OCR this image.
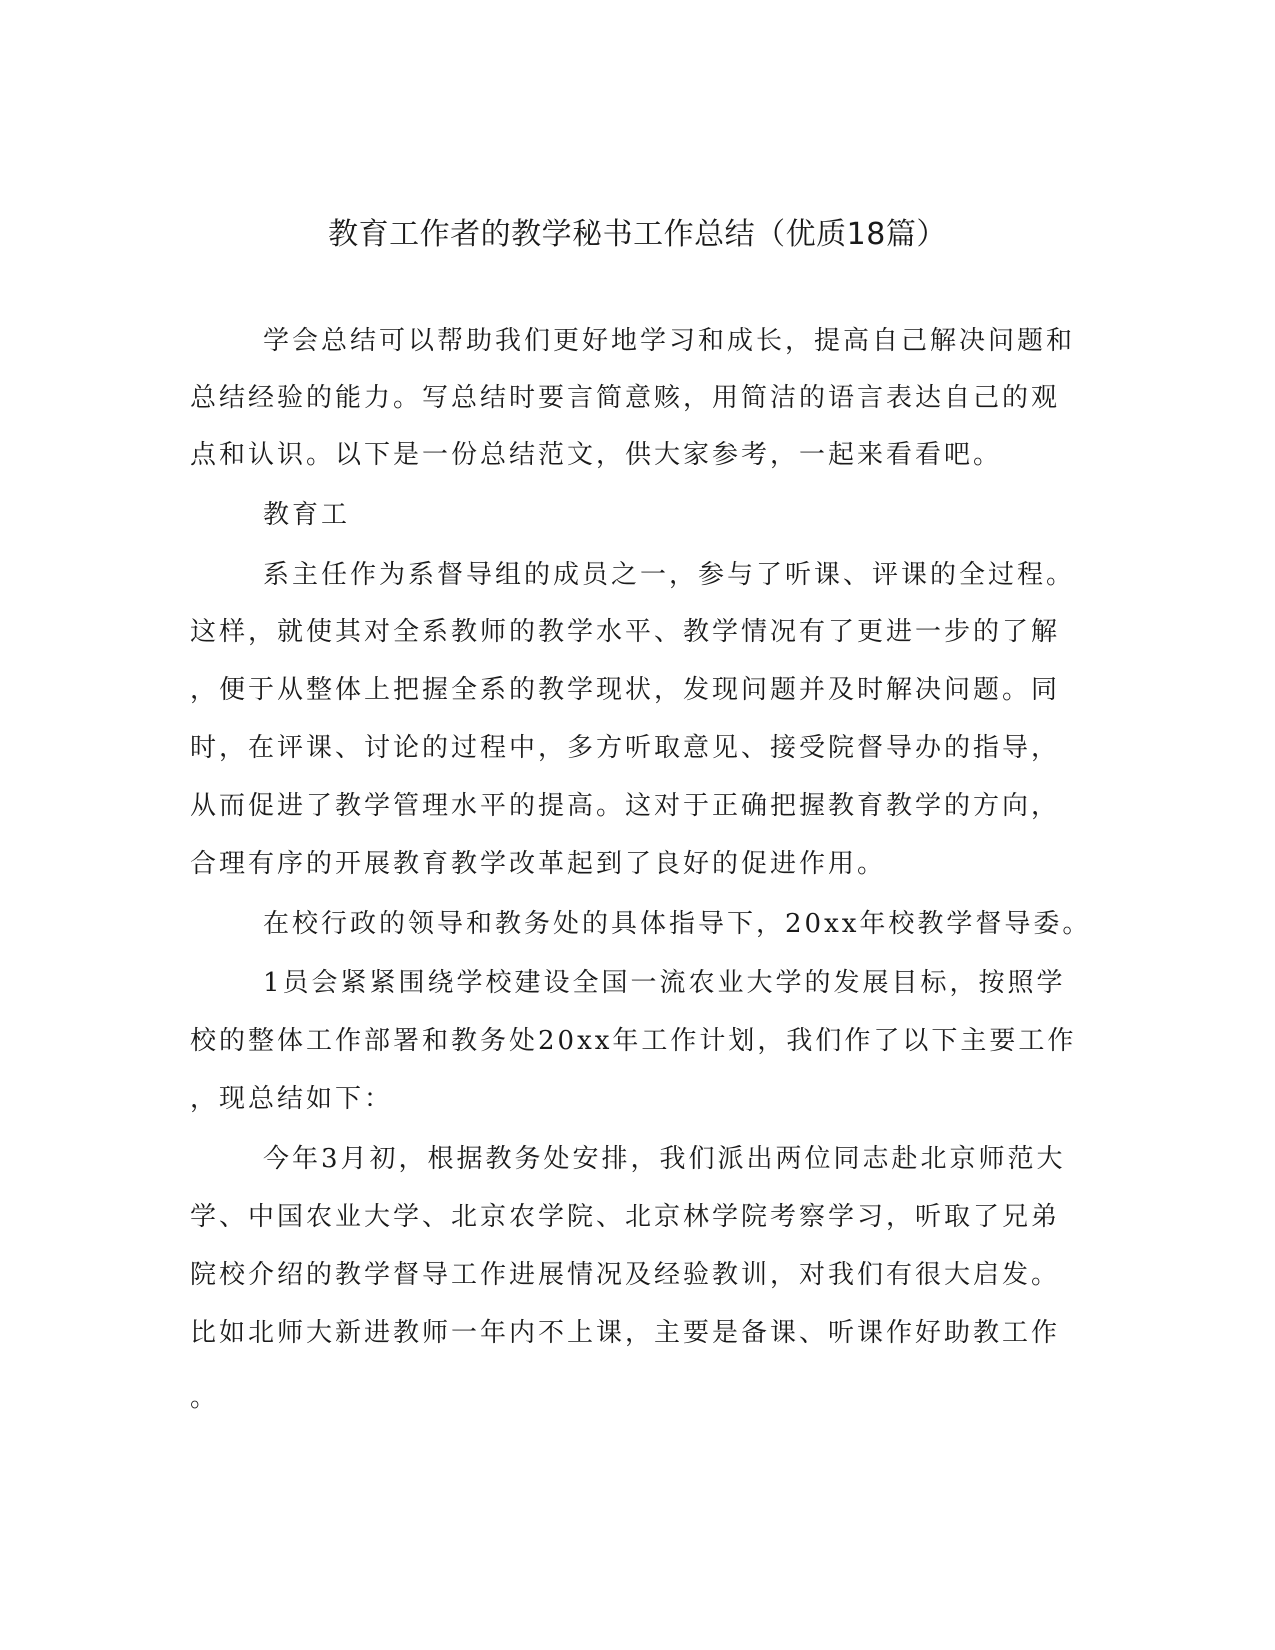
教育工作者的教学秘书工作总结（优质18篇）
学会总结可以帮助我们更好地学习和成长，提高自己解决问题和
总结经验的能力。写总结时要言简意赅，用简洁的语言表达自己的观
点和认识。以下是一份总结范文，供大家参考，一起来看看吧。
教育工
系主任作为系督导组的成员之一，参与了听课、评课的全过程。
这样，就使其对全系教师的教学水平、教学情况有了更进一步的了解
，便于从整体上把握全系的教学现状，发现问题并及时解决问题。同
时，在评课、讨论的过程中，多方听取意见、接受院督导办的指导，
从而促进了教学管理水平的提高。这对于正确把握教育教学的方向，
合理有序的开展教育教学改革起到了良好的促进作用。
在校行政的领导和教务处的具体指导下，20xx年校教学督导委。
1员会紧紧围绕学校建设全国一流农业大学的发展目标，按照学
校的整体工作部署和教务处20xx年工作计划，我们作了以下主要工作
，现总结如下：
今年3月初，根据教务处安排，我们派出两位同志赴北京师范大
学、中国农业大学、北京农学院、北京林学院考察学习，听取了兄弟
院校介绍的教学督导工作进展情况及经验教训，对我们有很大启发。
比如北师大新进教师一年内不上课，主要是备课、听课作好助教工作
。
